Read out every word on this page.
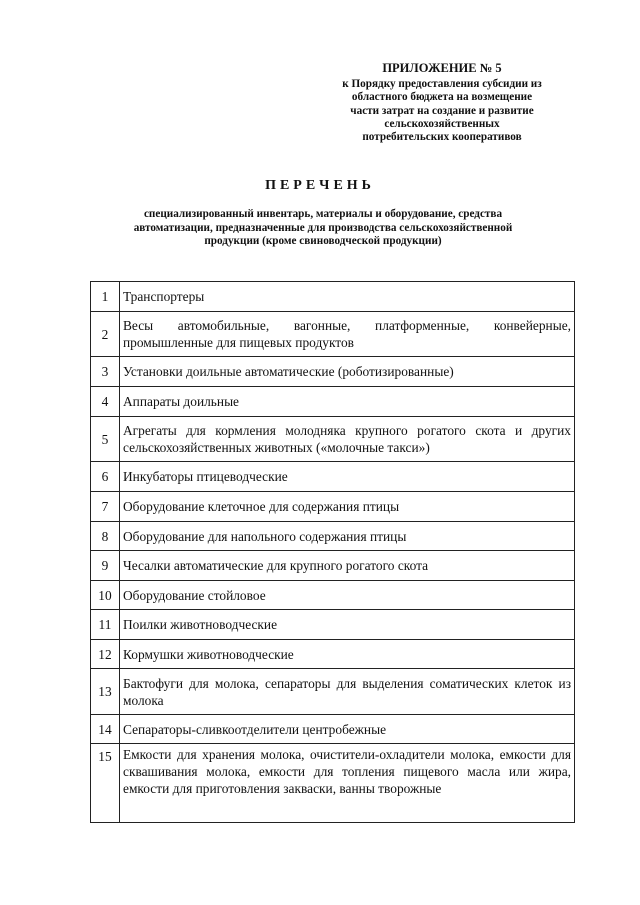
ПРИЛОЖЕНИЕ № 5
к Порядку предоставления субсидии из
областного бюджета на возмещение
части затрат на создание и развитие
сельскохозяйственных
потребительских кооперативов
ПЕРЕЧЕНЬ
специализированный инвентарь, материалы и оборудование, средства
автоматизации, предназначенные для производства сельскохозяйственной
продукции (кроме свиноводческой продукции)
1	Транспортеры
2	Весы автомобильные, вагонные, платформенные, конвейерные, промышленные для пищевых продуктов
3	Установки доильные автоматические (роботизированные)
4	Аппараты доильные
5	Агрегаты для кормления молодняка крупного рогатого скота и других сельскохозяйственных животных («молочные такси»)
6	Инкубаторы птицеводческие
7	Оборудование клеточное для содержания птицы
8	Оборудование для напольного содержания птицы
9	Чесалки автоматические для крупного рогатого скота
10	Оборудование стойловое
11	Поилки животноводческие
12	Кормушки животноводческие
13	Бактофуги для молока, сепараторы для выделения соматических клеток из молока
14	Сепараторы-сливкоотделители центробежные
15	Емкости для хранения молока, очистители-охладители молока, емкости для сквашивания молока, емкости для топления пищевого масла или жира, емкости для приготовления закваски, ванны творожные
